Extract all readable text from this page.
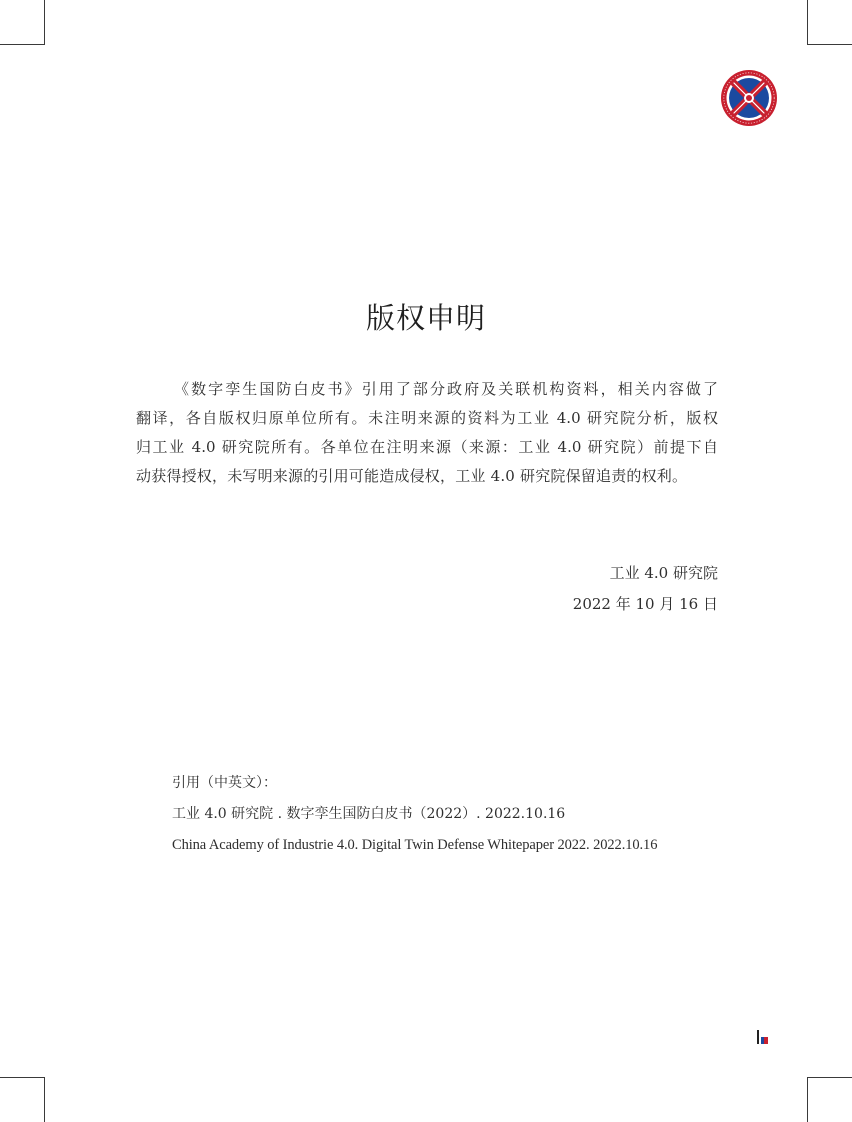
版权申明
《数字孪生国防白皮书》引用了部分政府及关联机构资料，相关内容做了
翻译，各自版权归原单位所有。未注明来源的资料为工业 4.0 研究院分析，版权
归工业 4.0 研究院所有。各单位在注明来源（来源：工业 4.0 研究院）前提下自
动获得授权，未写明来源的引用可能造成侵权，工业 4.0 研究院保留追责的权利。
工业 4.0 研究院
2022 年 10 月 16 日
引用（中英文）：
工业 4.0 研究院 . 数字孪生国防白皮书（2022）. 2022.10.16
China Academy of Industrie 4.0. Digital Twin Defense Whitepaper 2022. 2022.10.16
